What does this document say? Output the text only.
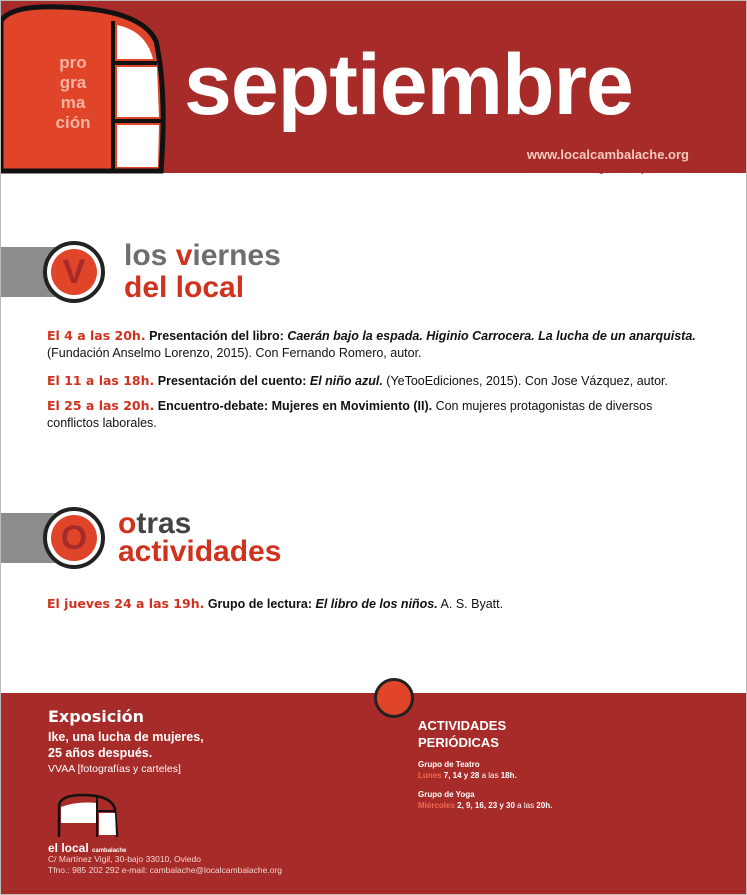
pro
gra
ma
ción septiembre
www.localcambalache.org
C/ Martínez Vigil, 30-bajo, Oviedo
V	los viernes
del local
El 4 a las 20h. Presentación del libro: Caerán bajo la espada. Higinio Carrocera. La lucha de un anarquista. (Fundación Anselmo Lorenzo, 2015). Con Fernando Romero, autor.
El 11 a las 18h. Presentación del cuento: El niño azul. (YeTooEdiciones, 2015). Con Jose Vázquez, autor.
El 25 a las 20h. Encuentro-debate: Mujeres en Movimiento (II). Con mujeres protagonistas de diversos conflictos laborales.
O	otras
actividades
El jueves 24 a las 19h. Grupo de lectura: El libro de los niños. A. S. Byatt.
Exposición
Ike, una lucha de mujeres,
25 años después.
VVAA [fotografías y carteles]
ACTIVIDADES
PERIÓDICAS
Grupo de Teatro
Lunes 7, 14 y 28 a las 18h.
Grupo de Yoga
Miércoles 2, 9, 16, 23 y 30 a las 20h.
el local cambalache
C/ Martínez Vigil, 30-bajo 33010, Oviedo
Tfno.: 985 202 292 e-mail: cambalache@localcambalache.org
